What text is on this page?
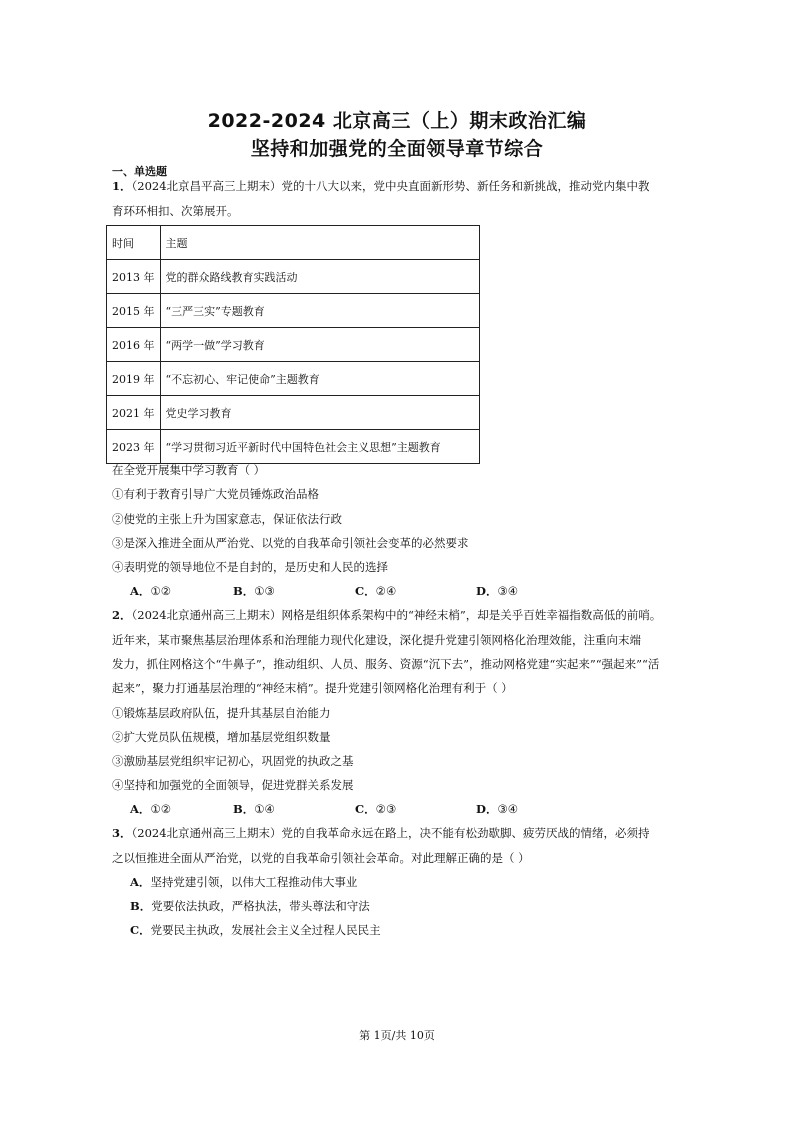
2022-2024 北京高三（上）期末政治汇编
坚持和加强党的全面领导章节综合
一、单选题
1．（2024北京昌平高三上期末）党的十八大以来，党中央直面新形势、新任务和新挑战，推动党内集中教
育环环相扣、次第展开。
时间	主题
2013 年	党的群众路线教育实践活动
2015 年	“三严三实”专题教育
2016 年	“两学一做”学习教育
2019 年	“不忘初心、牢记使命”主题教育
2021 年	党史学习教育
2023 年	“学习贯彻习近平新时代中国特色社会主义思想”主题教育
在全党开展集中学习教育（ ）
①有利于教育引导广大党员锤炼政治品格
②使党的主张上升为国家意志，保证依法行政
③是深入推进全面从严治党、以党的自我革命引领社会变革的必然要求
④表明党的领导地位不是自封的，是历史和人民的选择
A．①②	B．①③	C．②④	D．③④
2．（2024北京通州高三上期末）网格是组织体系架构中的“神经末梢”，却是关乎百姓幸福指数高低的前哨。
近年来，某市聚焦基层治理体系和治理能力现代化建设，深化提升党建引领网格化治理效能，注重向末端
发力，抓住网格这个“牛鼻子”，推动组织、人员、服务、资源“沉下去”，推动网格党建“实起来”“强起来”“活
起来”，聚力打通基层治理的“神经末梢”。提升党建引领网格化治理有利于（ ）
①锻炼基层政府队伍，提升其基层自治能力
②扩大党员队伍规模，增加基层党组织数量
③激励基层党组织牢记初心，巩固党的执政之基
④坚持和加强党的全面领导，促进党群关系发展
A．①②	B．①④	C．②③	D．③④
3．（2024北京通州高三上期末）党的自我革命永远在路上，决不能有松劲歇脚、疲劳厌战的情绪，必须持
之以恒推进全面从严治党，以党的自我革命引领社会革命。对此理解正确的是（ ）
A．坚持党建引领，以伟大工程推动伟大事业
B．党要依法执政，严格执法，带头尊法和守法
C．党要民主执政，发展社会主义全过程人民民主
第 1页/共 10页
